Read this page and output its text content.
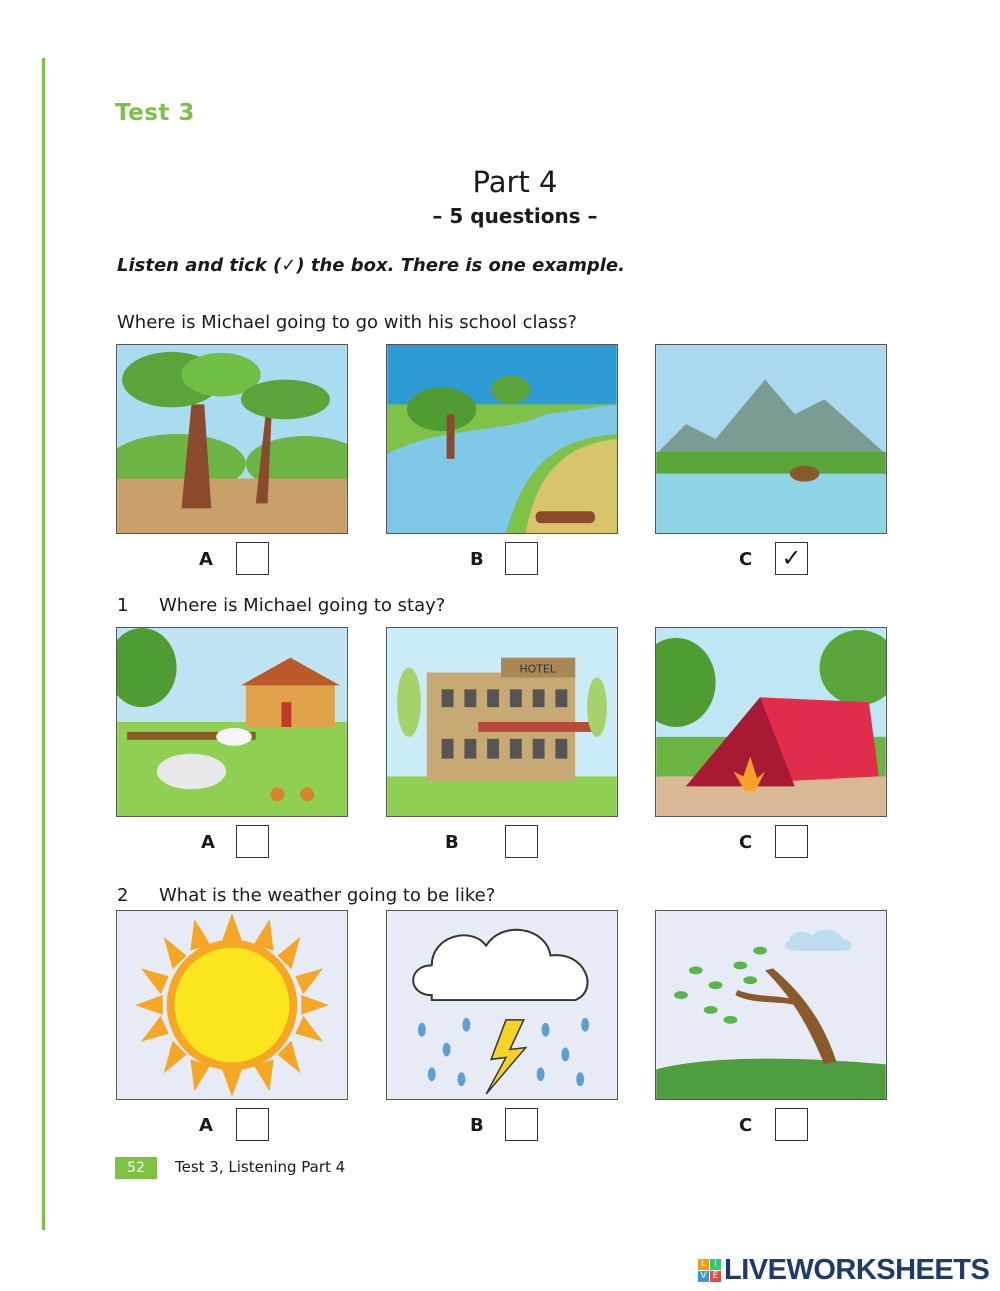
Test 3
Part 4
– 5 questions –
Listen and tick (✓) the box. There is one example.
Where is Michael going to go with his school class?
A	B	C ✓
1 Where is Michael going to stay?
HOTEL
A	B	C
2 What is the weather going to be like?
A	B	C
52	Test 3, Listening Part 4
L I
V E LIVEWORKSHEETS
